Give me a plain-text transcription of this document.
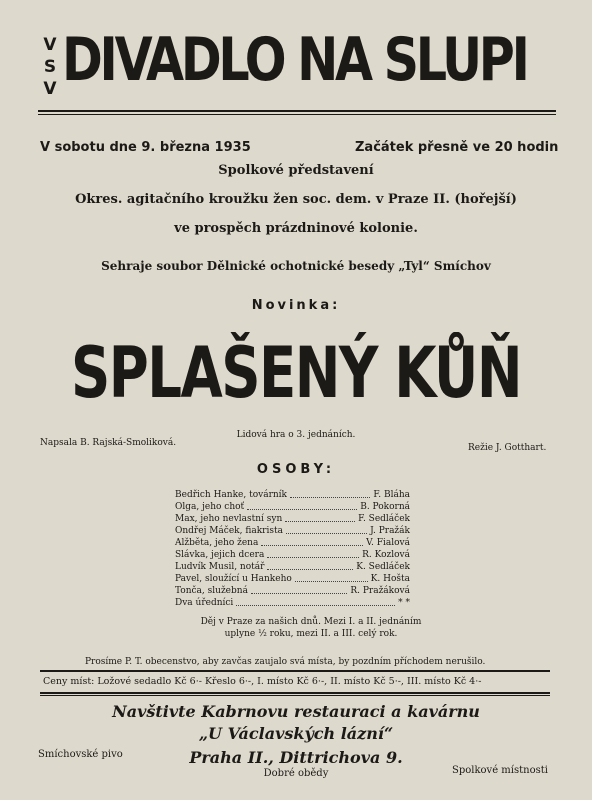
V
S
V DIVADLO NA SLUPI
V sobotu dne 9. března 1935	Začátek přesně ve 20 hodin
Spolkové představení
Okres. agitačního kroužku žen soc. dem. v Praze II. (hořejší)
ve prospěch prázdninové kolonie.
Sehraje soubor Dělnické ochotnické besedy „Tyl“ Smíchov
Novinka:
SPLAŠENÝ KŮŇ
Napsala B. Rajská-Smoliková.
Lidová hra o 3. jednáních.
Režie J. Gotthart.
OSOBY:
Bedřich Hanke, továrník	F. Bláha
Olga, jeho choť	B. Pokorná
Max, jeho nevlastní syn	F. Sedláček
Ondřej Máček, fiakrista	J. Pražák
Alžběta, jeho žena	V. Fialová
Slávka, jejich dcera	R. Kozlová
Ludvík Musil, notář	K. Sedláček
Pavel, sloužící u Hankeho	K. Hošta
Tonča, služebná	R. Pražáková
Dva úředníci	* *
Děj v Praze za našich dnů. Mezi I. a II. jednáním
uplyne ½ roku, mezi II. a III. celý rok.
Prosíme P. T. obecenstvo, aby zavčas zaujalo svá místa, by pozdním příchodem nerušilo.
Ceny míst: Ložové sedadlo Kč 6·- Křeslo 6·-, I. místo Kč 6·-, II. místo Kč 5·-, III. místo Kč 4·-
Navštivte Kabrnovu restauraci a kavárnu
„U Václavských lázní“
Praha II., Dittrichova 9.
Dobré obědy
Smíchovské pivo
Spolkové místnosti
